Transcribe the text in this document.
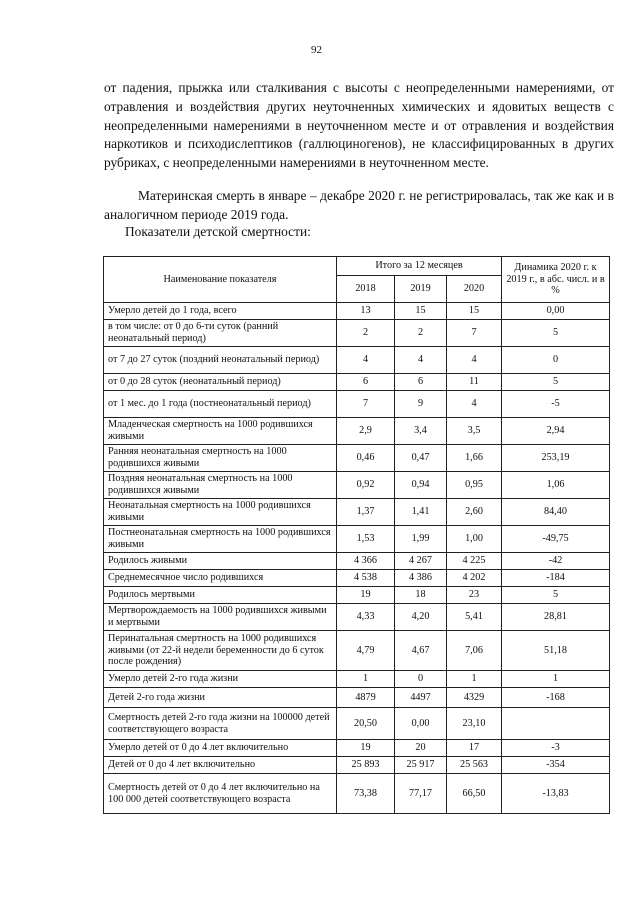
92

от падения, прыжка или сталкивания с высоты с неопределенными намерениями, от отравления и воздействия других неуточненных химических и ядовитых веществ с неопределенными намерениями в неуточненном месте и от отравления и воздействия наркотиков и психодислептиков (галлюциногенов), не классифицированных в других рубриках, с неопределенными намерениями в неуточненном месте.

Материнская смерть в январе – декабре 2020 г. не регистрировалась, так же как и в аналогичном периоде 2019 года.

Показатели детской смертности:
Наименование показателя	Итого за 12 месяцев			Динамика 2020 г. к 2019 г., в абс. числ. и в %
	2018	2019	2020	
Умерло детей до 1 года, всего	13	15	15	0,00
в том числе: от 0 до 6-ти суток (ранний неонатальный период)	2	2	7	5
от 7 до 27 суток (поздний неонатальный период)	4	4	4	0
от 0 до 28 суток (неонатальный период)	6	6	11	5
от 1 мес. до 1 года (постнеонатальный период)	7	9	4	-5
Младенческая смертность на 1000 родившихся живыми	2,9	3,4	3,5	2,94
Ранняя неонатальная смертность на 1000 родившихся живыми	0,46	0,47	1,66	253,19
Поздняя неонатальная смертность на 1000 родившихся живыми	0,92	0,94	0,95	1,06
Неонатальная смертность на 1000 родившихся живыми	1,37	1,41	2,60	84,40
Постнеонатальная смертность на 1000 родившихся живыми	1,53	1,99	1,00	-49,75
Родилось живыми	4 366	4 267	4 225	-42
Среднемесячное число родившихся	4 538	4 386	4 202	-184
Родилось мертвыми	19	18	23	5
Мертворождаемость на 1000 родившихся живыми и мертвыми	4,33	4,20	5,41	28,81
Перинатальная смертность на 1000 родившихся живыми (от 22-й недели беременности до 6 суток после рождения)	4,79	4,67	7,06	51,18
Умерло детей 2-го года жизни	1	0	1	1
Детей 2-го года жизни	4879	4497	4329	-168
Смертность детей 2-го года жизни на 100000 детей соответствующего возраста	20,50	0,00	23,10	
Умерло детей от 0 до 4 лет включительно	19	20	17	-3
Детей от 0 до 4 лет включительно	25 893	25 917	25 563	-354
Смертность детей от 0 до 4 лет включительно на 100 000 детей соответствующего возраста	73,38	77,17	66,50	-13,83
